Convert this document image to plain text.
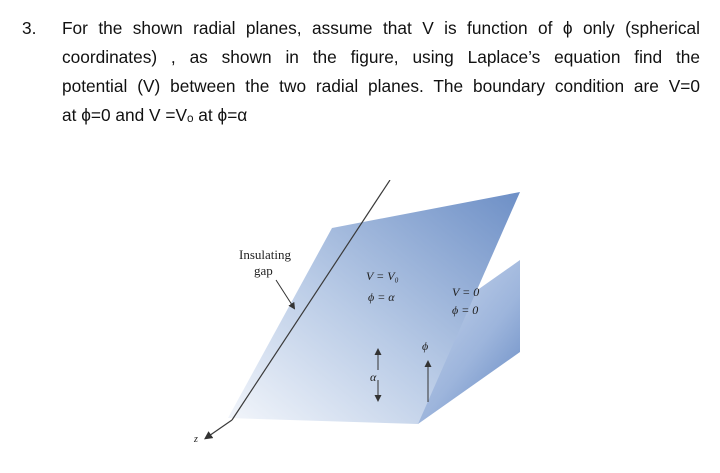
3. For the shown radial planes, assume that V is function of ϕ only (spherical
coordinates) , as shown in the figure, using Laplace’s equation find the
potential (V) between the two radial planes. The boundary condition are V=0
at ϕ=0 and V =Vₒ at ϕ=α
Insulating
gap	V = V₀
ϕ = α	V = 0
ϕ = 0
ϕ
α
z
